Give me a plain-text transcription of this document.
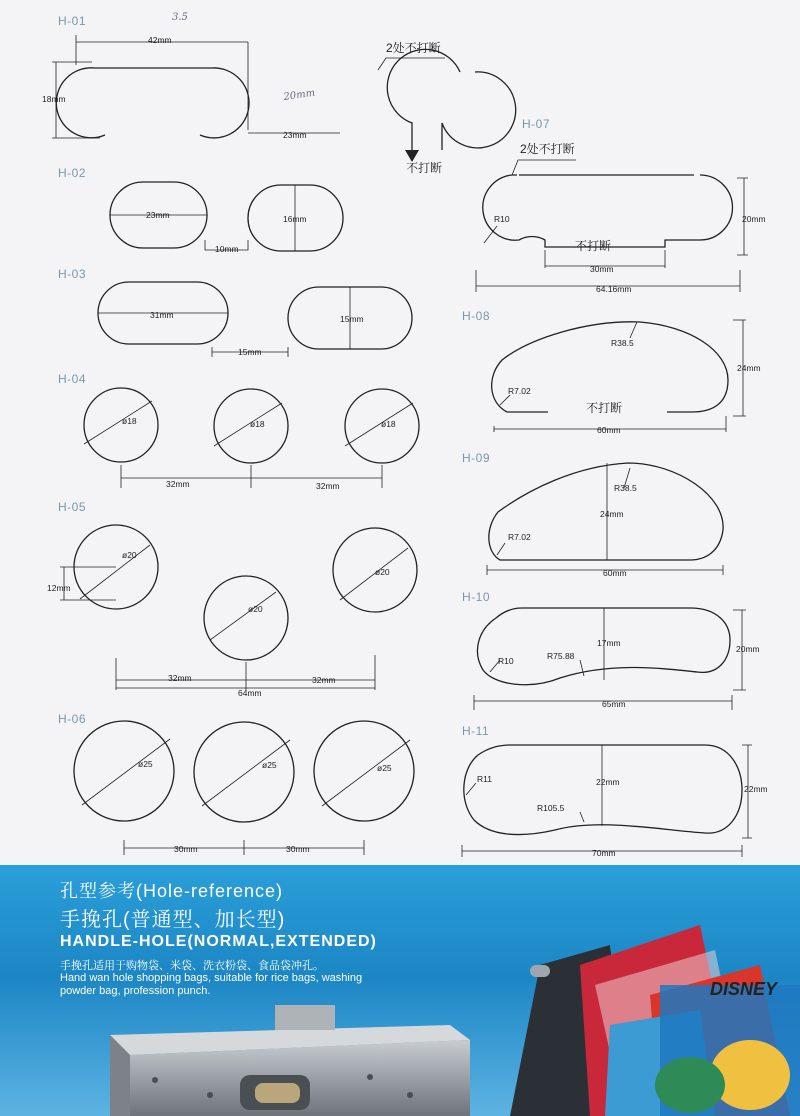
3.5
20mm
H-01
H-02
H-03
H-04
H-05
H-06
H-07
H-08
H-09
H-10
H-11
42mm
18mm
23mm
2处不打断
不打断
23mm
10mm
16mm
31mm
15mm
15mm
ø18	ø18	ø18
32mm	32mm
ø20
ø20
ø20
12mm
32mm	32mm
64mm
ø25	ø25	ø25
30mm	30mm
2处不打断
R10
不打断
30mm
64.16mm
20mm
R38.5
R7.02
不打断
60mm
24mm
R38.5
24mm
R7.02
60mm
17mm
R10	R75.88
20mm
65mm
R11	22mm
R105.5
22mm
70mm
孔型参考(Hole-reference)
手挽孔(普通型、加长型)
HANDLE-HOLE(NORMAL,EXTENDED)
手挽孔适用于购物袋、米袋、洗衣粉袋、食品袋冲孔。
Hand wan hole shopping bags, suitable for rice bags, washing
powder bag, profession punch.	DISNEY
